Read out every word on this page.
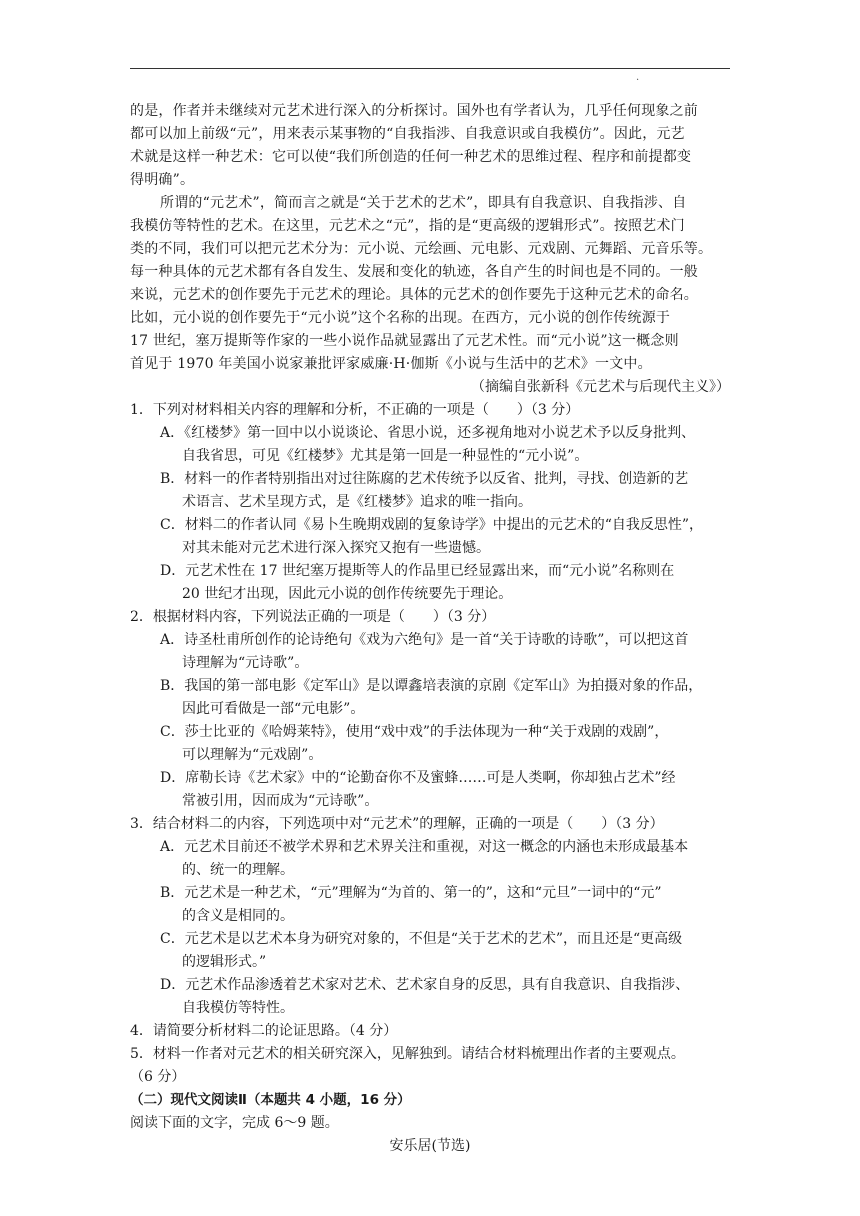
.
的是，作者并未继续对元艺术进行深入的分析探讨。国外也有学者认为，几乎任何现象之前
都可以加上前级“元”，用来表示某事物的“自我指涉、自我意识或自我模仿”。因此，元艺
术就是这样一种艺术：它可以使“我们所创造的任何一种艺术的思维过程、程序和前提都变
得明确”。
所谓的“元艺术”，简而言之就是“关于艺术的艺术”，即具有自我意识、自我指涉、自
我模仿等特性的艺术。在这里，元艺术之“元”，指的是“更高级的逻辑形式”。按照艺术门
类的不同，我们可以把元艺术分为：元小说、元绘画、元电影、元戏剧、元舞蹈、元音乐等。
每一种具体的元艺术都有各自发生、发展和变化的轨迹，各自产生的时间也是不同的。一般
来说，元艺术的创作要先于元艺术的理论。具体的元艺术的创作要先于这种元艺术的命名。
比如，元小说的创作要先于“元小说”这个名称的出现。在西方，元小说的创作传统源于
17 世纪，塞万提斯等作家的一些小说作品就显露出了元艺术性。而“元小说”这一概念则
首见于 1970 年美国小说家兼批评家威廉·H·伽斯《小说与生活中的艺术》一文中。
（摘编自张新科《元艺术与后现代主义》）
1．下列对材料相关内容的理解和分析，不正确的一项是（　　）（3 分）
A．《红楼梦》第一回中以小说谈论、省思小说，还多视角地对小说艺术予以反身批判、
自我省思，可见《红楼梦》尤其是第一回是一种显性的“元小说”。
B．材料一的作者特别指出对过往陈腐的艺术传统予以反省、批判，寻找、创造新的艺
术语言、艺术呈现方式，是《红楼梦》追求的唯一指向。
C．材料二的作者认同《易卜生晚期戏剧的复象诗学》中提出的元艺术的“自我反思性”，
对其未能对元艺术进行深入探究又抱有一些遗憾。
D．元艺术性在 17 世纪塞万提斯等人的作品里已经显露出来，而“元小说”名称则在
20 世纪才出现，因此元小说的创作传统要先于理论。
2．根据材料内容，下列说法正确的一项是（　　）（3 分）
A．诗圣杜甫所创作的论诗绝句《戏为六绝句》是一首“关于诗歌的诗歌”，可以把这首
诗理解为“元诗歌”。
B．我国的第一部电影《定军山》是以谭鑫培表演的京剧《定军山》为拍摄对象的作品，
因此可看做是一部“元电影”。
C．莎士比亚的《哈姆莱特》，使用“戏中戏”的手法体现为一种“关于戏剧的戏剧”，
可以理解为“元戏剧”。
D．席勒长诗《艺术家》中的“论勤奋你不及蜜蜂……可是人类啊，你却独占艺术”经
常被引用，因而成为“元诗歌”。
3．结合材料二的内容，下列选项中对“元艺术”的理解，正确的一项是（　　）（3 分）
A．元艺术目前还不被学术界和艺术界关注和重视，对这一概念的内涵也未形成最基本
的、统一的理解。
B．元艺术是一种艺术，“元”理解为“为首的、第一的”，这和“元旦”一词中的“元”
的含义是相同的。
C．元艺术是以艺术本身为研究对象的，不但是“关于艺术的艺术”，而且还是“更高级
的逻辑形式。”
D．元艺术作品渗透着艺术家对艺术、艺术家自身的反思，具有自我意识、自我指涉、
自我模仿等特性。
4．请简要分析材料二的论证思路。（4 分）
5．材料一作者对元艺术的相关研究深入，见解独到。请结合材料梳理出作者的主要观点。
（6 分）
（二）现代文阅读Ⅱ（本题共 4 小题，16 分）
阅读下面的文字，完成 6～9 题。
安乐居(节选)
